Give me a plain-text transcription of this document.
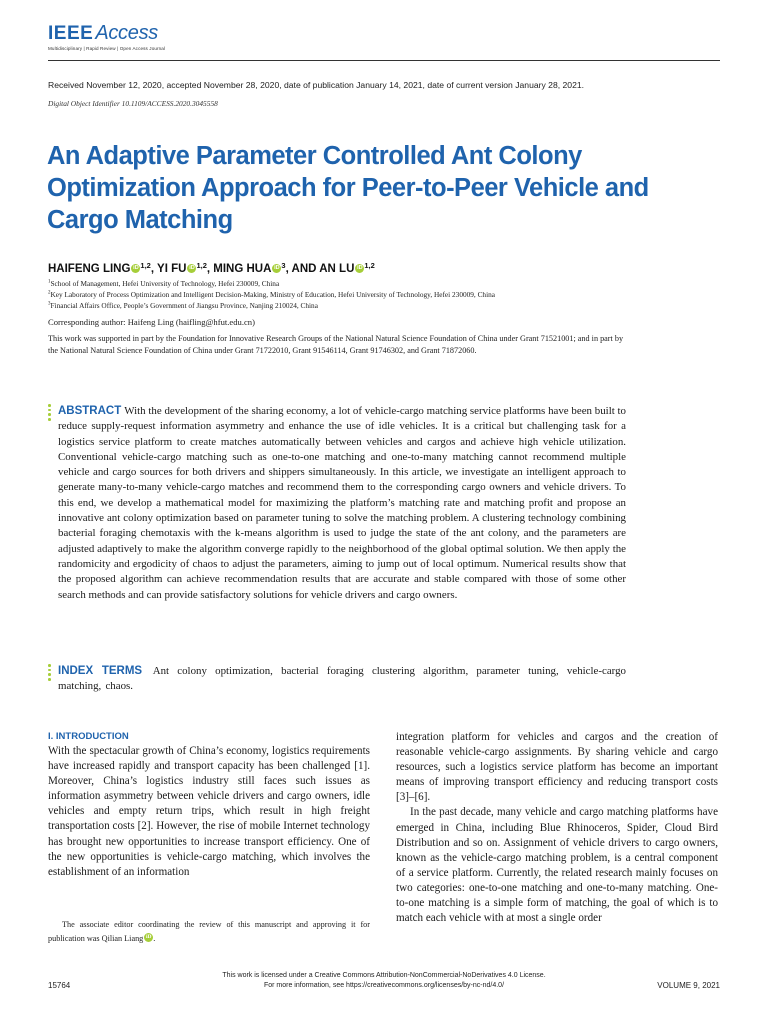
IEEE Access
Multidisciplinary | Rapid Review | Open Access Journal
Received November 12, 2020, accepted November 28, 2020, date of publication January 14, 2021, date of current version January 28, 2021.
Digital Object Identifier 10.1109/ACCESS.2020.3045558
An Adaptive Parameter Controlled Ant Colony Optimization Approach for Peer-to-Peer Vehicle and Cargo Matching
HAIFENG LING iD $^{1,2}$, YI FU iD $^{1,2}$, MING HUA iD $^3$, AND AN LU iD $^{1,2}$
$^1$School of Management, Hefei University of Technology, Hefei 230009, China
$^2$Key Laboratory of Process Optimization and Intelligent Decision-Making, Ministry of Education, Hefei University of Technology, Hefei 230009, China
$^3$Financial Affairs Office, People’s Government of Jiangsu Province, Nanjing 210024, China
Corresponding author: Haifeng Ling (haifling@hfut.edu.cn)

This work was supported in part by the Foundation for Innovative Research Groups of the National Natural Science Foundation of China under Grant 71521001; and in part by the National Natural Science Foundation of China under Grant 71722010, Grant 91546114, Grant 91746302, and Grant 71872060.

ABSTRACT With the development of the sharing economy, a lot of vehicle-cargo matching service platforms have been built to reduce supply-request information asymmetry and enhance the use of idle vehicles. It is a critical but challenging task for a logistics service platform to create matches automatically between vehicles and cargos and achieve high vehicle utilization. Conventional vehicle-cargo matching such as one-to-one matching and one-to-many matching cannot recommend multiple vehicle and cargo sources for both drivers and shippers simultaneously. In this article, we investigate an intelligent approach to generate many-to-many vehicle-cargo matches and recommend them to the corresponding cargo owners and vehicle drivers. To this end, we develop a mathematical model for maximizing the platform’s matching rate and matching profit and propose an innovative ant colony optimization based on parameter tuning to solve the matching problem. A clustering technology combining bacterial foraging chemotaxis with the k-means algorithm is used to judge the state of the ant colony, and the parameters are adjusted adaptively to make the algorithm converge rapidly to the neighborhood of the global optimal solution. We then apply the randomicity and ergodicity of chaos to adjust the parameters, aiming to jump out of local optimum. Numerical results show that the proposed algorithm can achieve recommendation results that are accurate and stable compared with those of some other search methods and can provide satisfactory solutions for vehicle drivers and cargo owners.

INDEX TERMS Ant colony optimization, bacterial foraging clustering algorithm, parameter tuning, vehicle-cargo matching, chaos.

I. INTRODUCTION

With the spectacular growth of China’s economy, logistics requirements have increased rapidly and transport capacity has been challenged [1]. Moreover, China’s logistics industry still faces such issues as information asymmetry between vehicle drivers and cargo owners, idle vehicles and empty return trips, which result in high freight transportation costs [2]. However, the rise of mobile Internet technology has brought new opportunities to increase transport efficiency. One of the new opportunities is vehicle-cargo matching, which involves the establishment of an information

integration platform for vehicles and cargos and the creation of reasonable vehicle-cargo assignments. By sharing vehicle and cargo resources, such a logistics service platform has become an important means of improving transport efficiency and reducing transport costs [3]–[6].
In the past decade, many vehicle and cargo matching platforms have emerged in China, including Blue Rhinoceros, Spider, Cloud Bird Distribution and so on. Assignment of vehicle drivers to cargo owners, known as the vehicle-cargo matching problem, is a central component of a service platform. Currently, the related research mainly focuses on two categories: one-to-one matching and one-to-many matching. One-to-one matching is a simple form of matching, the goal of which is to match each vehicle with at most a single order

The associate editor coordinating the review of this manuscript and approving it for publication was Qilian Liang iD .

This work is licensed under a Creative Commons Attribution-NonCommercial-NoDerivatives 4.0 License.
For more information, see https://creativecommons.org/licenses/by-nc-nd/4.0/
15764	VOLUME 9, 2021
